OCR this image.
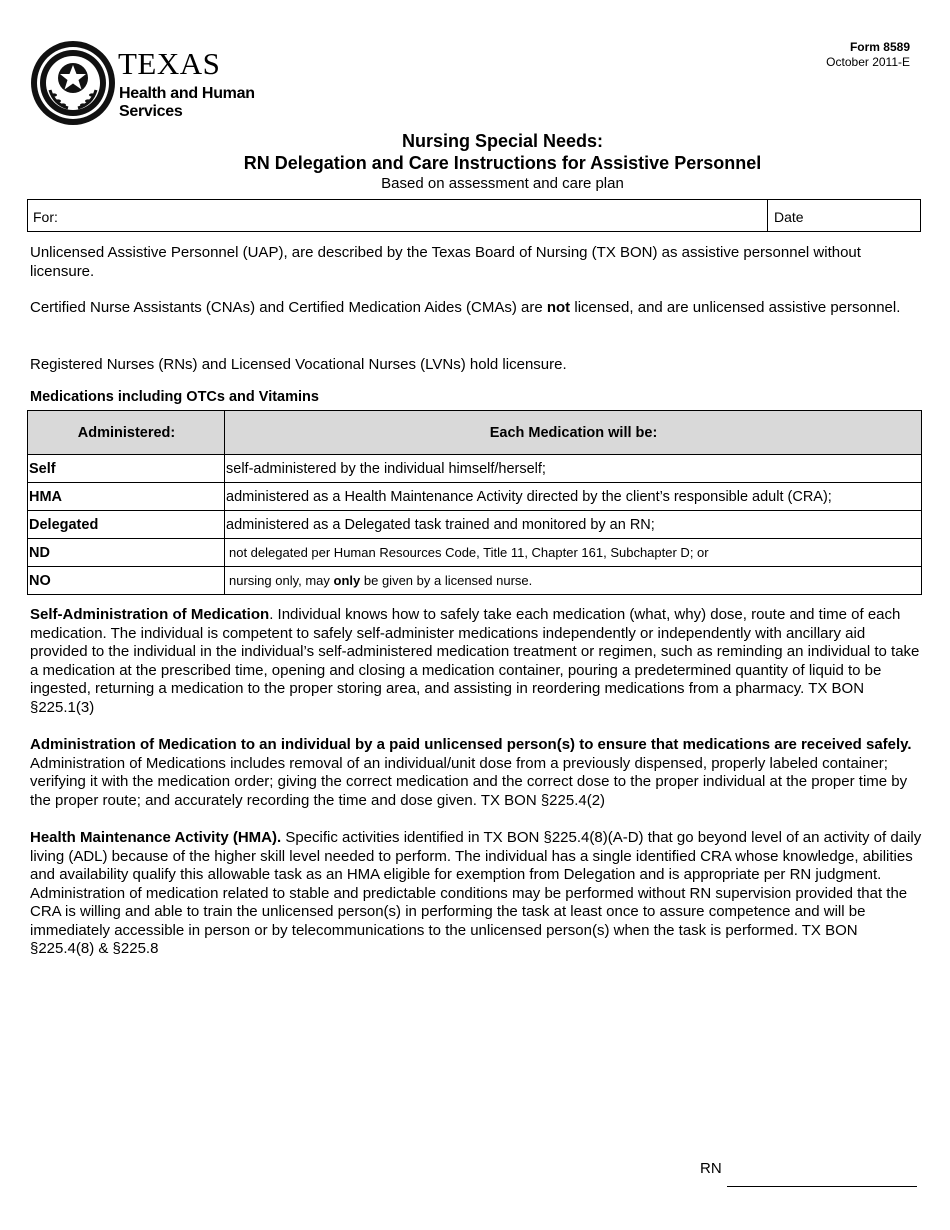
TEXAS
Health and Human Services
Form 8589
October 2011-E
Nursing Special Needs:
RN Delegation and Care Instructions for Assistive Personnel
Based on assessment and care plan
For:	Date

Unlicensed Assistive Personnel (UAP), are described by the Texas Board of Nursing (TX BON) as assistive personnel without licensure.

Certified Nurse Assistants (CNAs) and Certified Medication Aides (CMAs) are not licensed, and are unlicensed assistive personnel.

Registered Nurses (RNs) and Licensed Vocational Nurses (LVNs) hold licensure.

Medications including OTCs and Vitamins
Administered:	Each Medication will be:
Self	self-administered by the individual himself/herself;
HMA	administered as a Health Maintenance Activity directed by the client’s responsible adult (CRA);
Delegated	administered as a Delegated task trained and monitored by an RN;
ND	not delegated per Human Resources Code, Title 11, Chapter 161, Subchapter D; or
NO	nursing only, may only be given by a licensed nurse.

Self-Administration of Medication. Individual knows how to safely take each medication (what, why) dose, route and time of each medication. The individual is competent to safely self-administer medications independently or independently with ancillary aid provided to the individual in the individual’s self-administered medication treatment or regimen, such as reminding an individual to take a medication at the prescribed time, opening and closing a medication container, pouring a predetermined quantity of liquid to be ingested, returning a medication to the proper storing area, and assisting in reordering medications from a pharmacy. TX BON §225.1(3)

Administration of Medication to an individual by a paid unlicensed person(s) to ensure that medications are received safely. Administration of Medications includes removal of an individual/unit dose from a previously dispensed, properly labeled container; verifying it with the medication order; giving the correct medication and the correct dose to the proper individual at the proper time by the proper route; and accurately recording the time and dose given. TX BON §225.4(2)

Health Maintenance Activity (HMA). Specific activities identified in TX BON §225.4(8)(A-D) that go beyond level of an activity of daily living (ADL) because of the higher skill level needed to perform. The individual has a single identified CRA whose knowledge, abilities and availability qualify this allowable task as an HMA eligible for exemption from Delegation and is appropriate per RN judgment. Administration of medication related to stable and predictable conditions may be performed without RN supervision provided that the CRA is willing and able to train the unlicensed person(s) in performing the task at least once to assure competence and will be immediately accessible in person or by telecommunications to the unlicensed person(s) when the task is performed. TX BON §225.4(8) & §225.8

RN
